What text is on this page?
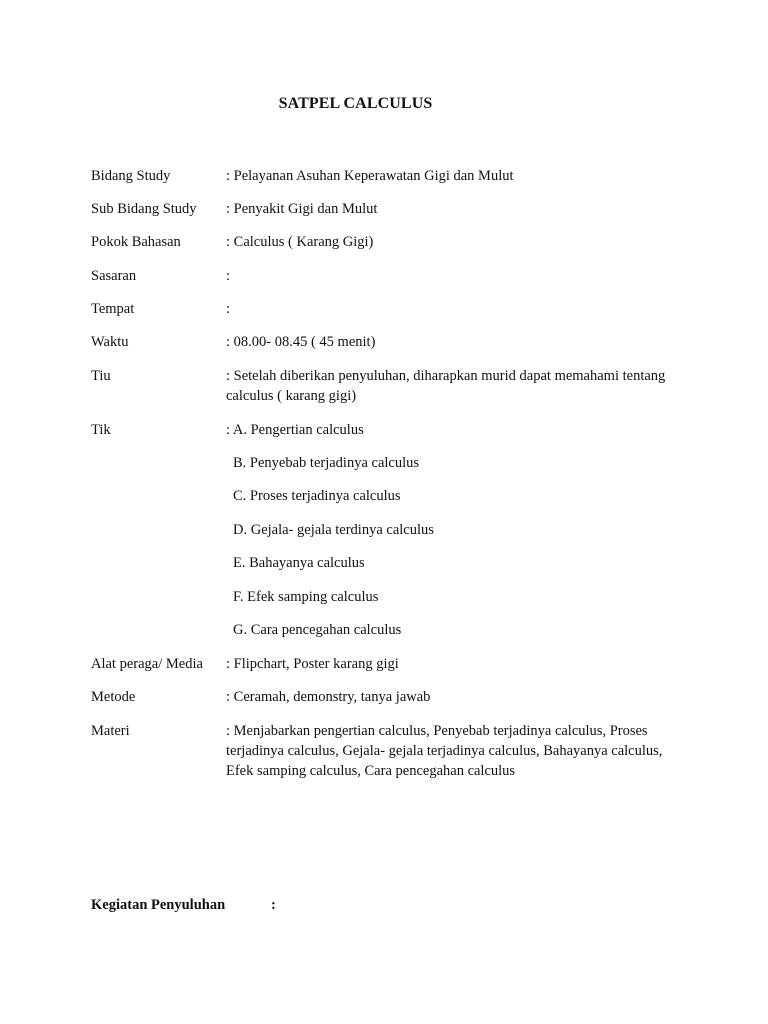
SATPEL CALCULUS
Bidang Study	: Pelayanan Asuhan Keperawatan Gigi dan Mulut
Sub Bidang Study	: Penyakit Gigi dan Mulut
Pokok Bahasan	: Calculus ( Karang Gigi)
Sasaran	:
Tempat	:
Waktu	: 08.00- 08.45 ( 45 menit)
Tiu	: Setelah diberikan penyuluhan, diharapkan murid dapat memahami tentang calculus ( karang gigi)
Tik	: A. Pengertian calculus
B. Penyebab terjadinya calculus
C. Proses terjadinya calculus
D. Gejala- gejala terdinya calculus
E. Bahayanya calculus
F. Efek samping calculus
G. Cara pencegahan calculus
Alat peraga/ Media	: Flipchart, Poster karang gigi
Metode	: Ceramah, demonstry, tanya jawab
Materi	: Menjabarkan pengertian calculus, Penyebab terjadinya calculus, Proses terjadinya calculus, Gejala- gejala terjadinya calculus, Bahayanya calculus, Efek samping calculus, Cara pencegahan calculus
Kegiatan Penyuluhan	:
